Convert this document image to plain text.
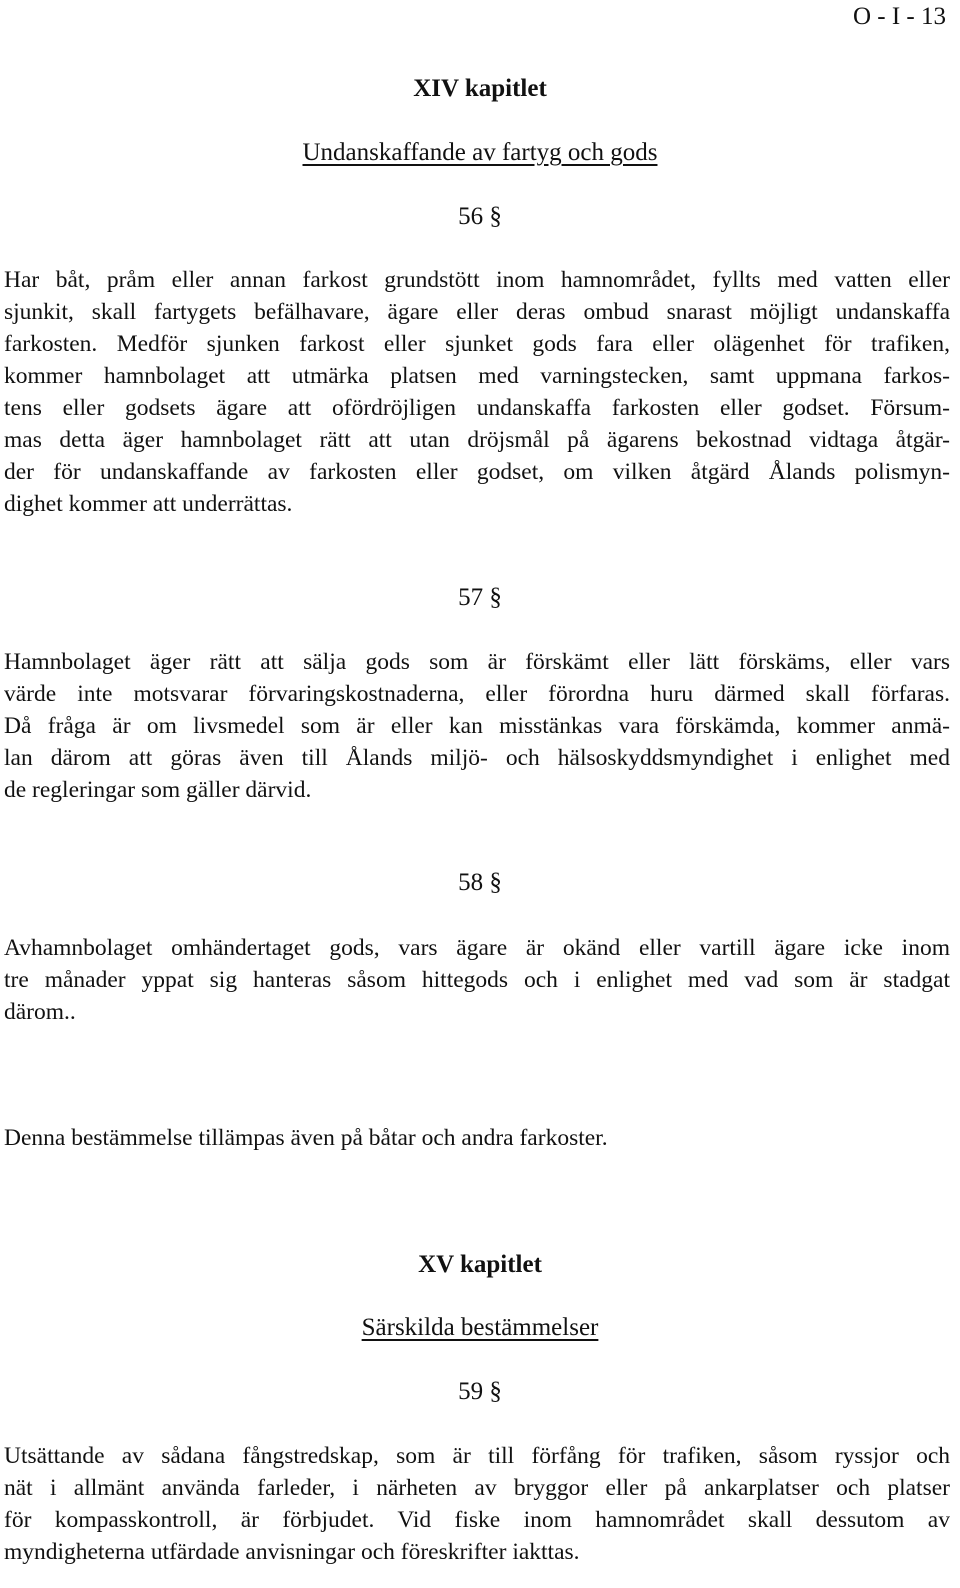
O - I - 13
XIV kapitlet
Undanskaffande av fartyg och gods
56 §
Har båt, pråm eller annan farkost grundstött inom hamnområdet, fyllts med vatten eller
sjunkit, skall fartygets befälhavare, ägare eller deras ombud snarast möjligt undanskaffa
farkosten. Medför sjunken farkost eller sjunket gods fara eller olägenhet för trafiken,
kommer hamnbolaget att utmärka platsen med varningstecken, samt uppmana farkos-
tens eller godsets ägare att ofördröjligen undanskaffa farkosten eller godset. Försum-
mas detta äger hamnbolaget rätt att utan dröjsmål på ägarens bekostnad vidtaga åtgär-
der för undanskaffande av farkosten eller godset, om vilken åtgärd Ålands polismyn-
dighet kommer att underrättas.
57 §
Hamnbolaget äger rätt att sälja gods som är förskämt eller lätt förskäms, eller vars
värde inte motsvarar förvaringskostnaderna, eller förordna huru därmed skall förfaras.
Då fråga är om livsmedel som är eller kan misstänkas vara förskämda, kommer anmä-
lan därom att göras även till Ålands miljö- och hälsoskyddsmyndighet i enlighet med
de regleringar som gäller därvid.
58 §
Avhamnbolaget omhändertaget gods, vars ägare är okänd eller vartill ägare icke inom
tre månader yppat sig hanteras såsom hittegods och i enlighet med vad som är stadgat
därom..
Denna bestämmelse tillämpas även på båtar och andra farkoster.
XV kapitlet
Särskilda bestämmelser
59 §
Utsättande av sådana fångstredskap, som är till förfång för trafiken, såsom ryssjor och
nät i allmänt använda farleder, i närheten av bryggor eller på ankarplatser och platser
för kompasskontroll, är förbjudet. Vid fiske inom hamnområdet skall dessutom av
myndigheterna utfärdade anvisningar och föreskrifter iakttas.
